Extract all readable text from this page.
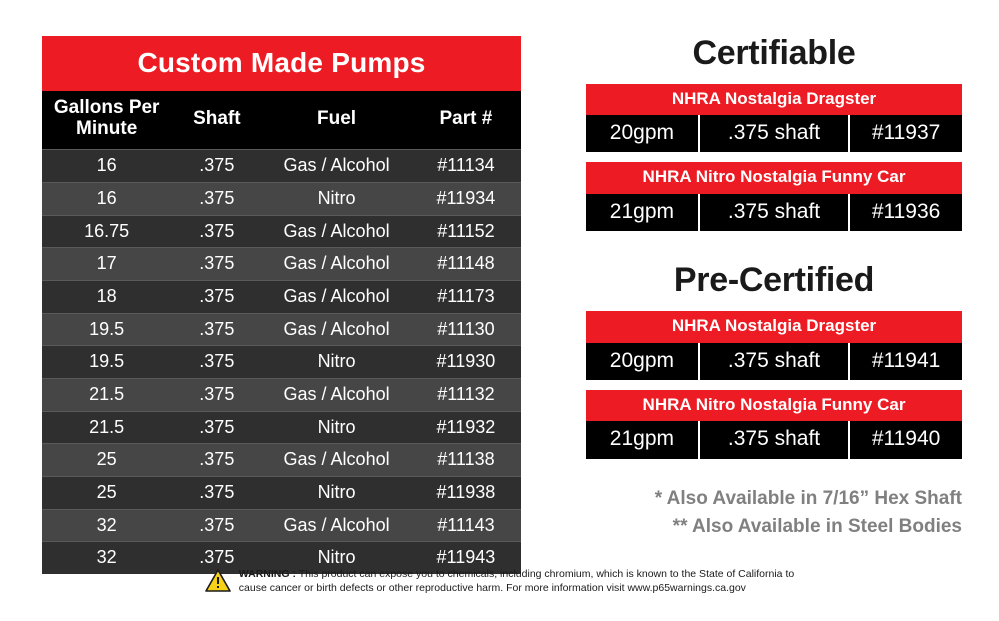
Custom Made Pumps
Gallons Per Minute	Shaft	Fuel	Part #
16	.375	Gas / Alcohol	#11134
16	.375	Nitro	#11934
16.75	.375	Gas / Alcohol	#11152
17	.375	Gas / Alcohol	#11148
18	.375	Gas / Alcohol	#11173
19.5	.375	Gas / Alcohol	#11130
19.5	.375	Nitro	#11930
21.5	.375	Gas / Alcohol	#11132
21.5	.375	Nitro	#11932
25	.375	Gas / Alcohol	#11138
25	.375	Nitro	#11938
32	.375	Gas / Alcohol	#11143
32	.375	Nitro	#11943
Certifiable
NHRA Nostalgia Dragster
20gpm	.375 shaft	#11937
NHRA Nitro Nostalgia Funny Car
21gpm	.375 shaft	#11936
Pre-Certified
NHRA Nostalgia Dragster
20gpm	.375 shaft	#11941
NHRA Nitro Nostalgia Funny Car
21gpm	.375 shaft	#11940
* Also Available in 7/16” Hex Shaft
** Also Available in Steel Bodies
WARNING : This product can expose you to chemicals, including chromium, which is known to the State of California to
cause cancer or birth defects or other reproductive harm. For more information visit www.p65warnings.ca.gov
